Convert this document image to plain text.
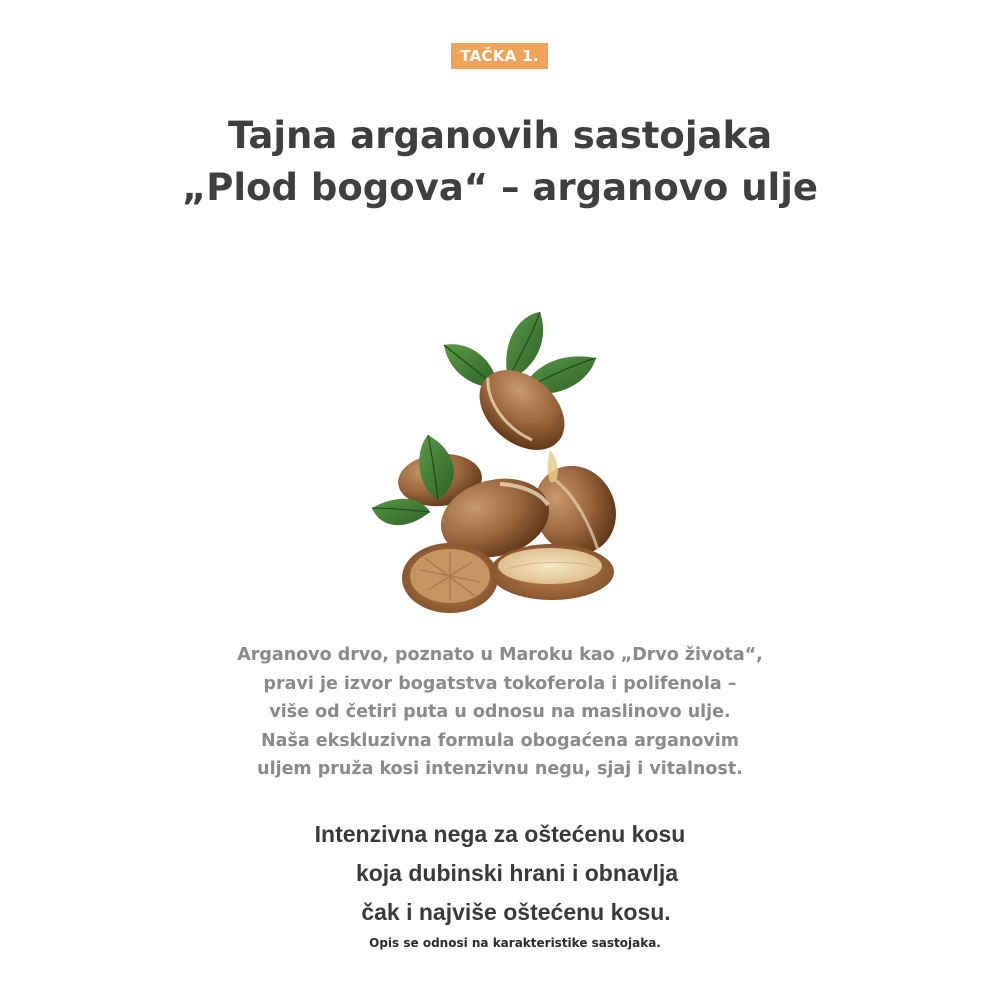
TAČKA 1.
Tajna arganovih sastojaka
„Plod bogova“ – arganovo ulje
Arganovo drvo, poznato u Maroku kao „Drvo života“,
pravi je izvor bogatstva tokoferola i polifenola –
više od četiri puta u odnosu na maslinovo ulje.
Naša ekskluzivna formula obogaćena arganovim
uljem pruža kosi intenzivnu negu, sjaj i vitalnost.
Intenzivna nega za oštećenu kosu
koja dubinski hrani i obnavlja
čak i najviše oštećenu kosu.
Opis se odnosi na karakteristike sastojaka.
